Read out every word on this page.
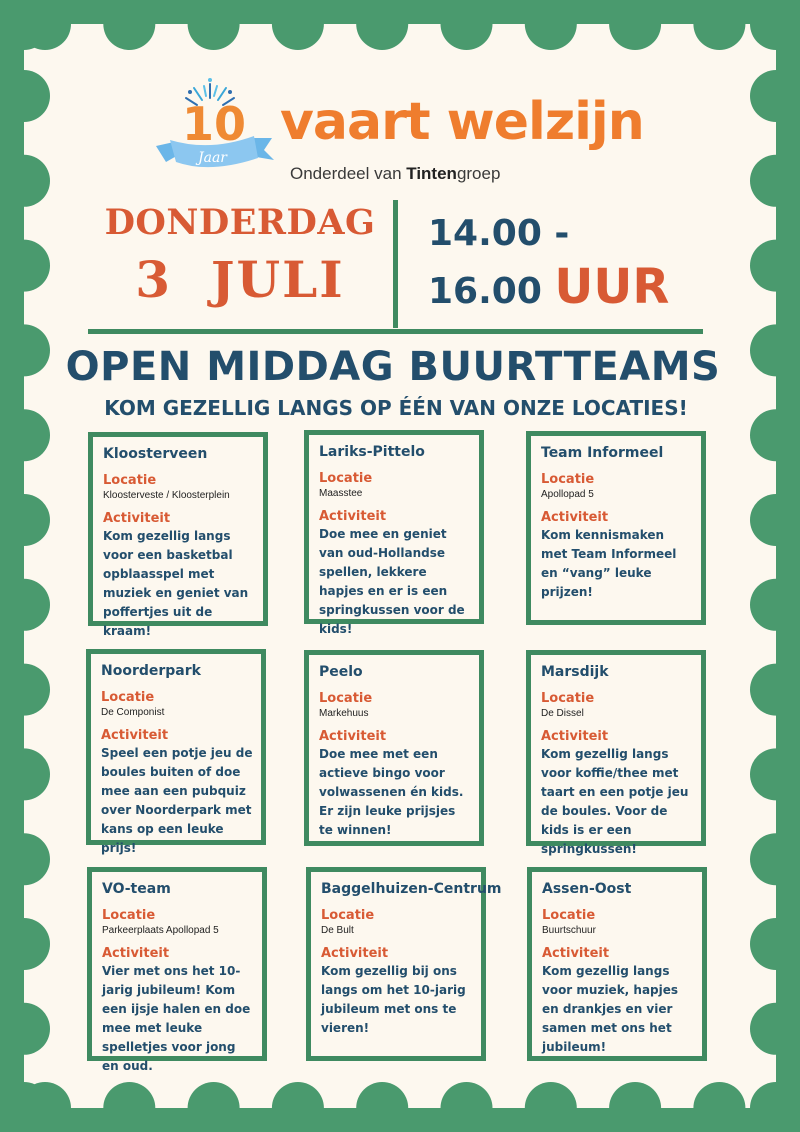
10
Jaar
vaart welzijn
Onderdeel van Tintengroep
DONDERDAG
3  JULI
14.00 -
16.00 UUR
OPEN MIDDAG BUURTTEAMS
KOM GEZELLIG LANGS OP ÉÉN VAN ONZE LOCATIES!
Kloosterveen
Locatie
Kloosterveste / Kloosterplein
Activiteit
Kom gezellig langs voor een basketbal opblaasspel met muziek en geniet van poffertjes uit de kraam!
Lariks-Pittelo
Locatie
Maasstee
Activiteit
Doe mee en geniet van oud-Hollandse spellen, lekkere hapjes en er is een springkussen voor de kids!
Team Informeel
Locatie
Apollopad 5
Activiteit
Kom kennismaken met Team Informeel en “vang” leuke prijzen!
Noorderpark
Locatie
De Componist
Activiteit
Speel een potje jeu de boules buiten of doe mee aan een pubquiz over Noorderpark met kans op een leuke prijs!
Peelo
Locatie
Markehuus
Activiteit
Doe mee met een actieve bingo voor volwassenen én kids. Er zijn leuke prijsjes te winnen!
Marsdijk
Locatie
De Dissel
Activiteit
Kom gezellig langs voor koffie/thee met taart en een potje jeu de boules. Voor de kids is er een springkussen!
VO-team
Locatie
Parkeerplaats Apollopad 5
Activiteit
Vier met ons het 10-jarig jubileum! Kom een ijsje halen en doe mee met leuke spelletjes voor jong en oud.
Baggelhuizen-Centrum
Locatie
De Bult
Activiteit
Kom gezellig bij ons langs om het 10-jarig jubileum met ons te vieren!
Assen-Oost
Locatie
Buurtschuur
Activiteit
Kom gezellig langs voor muziek, hapjes en drankjes en vier samen met ons het jubileum!
